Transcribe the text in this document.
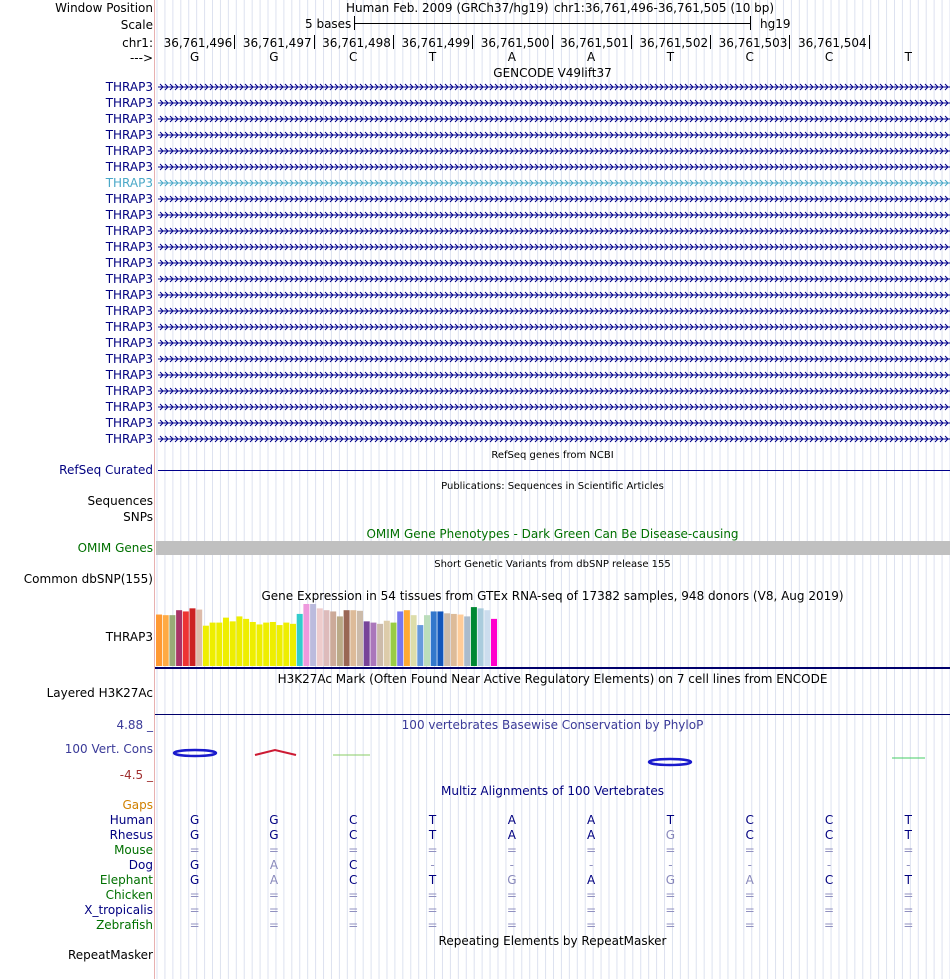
Window Position	Human Feb. 2009 (GRCh37/hg19) chr1:36,761,496-36,761,505 (10 bp)
Scale	5 bases	hg19
chr1: 36,761,496 36,761,497 36,761,498 36,761,499 36,761,500 36,761,501 36,761,502 36,761,503 36,761,504
--->	G	G	C	T	A	A	T	C	C	T
GENCODE V49lift37
THRAP3
THRAP3
THRAP3
THRAP3
THRAP3
THRAP3
THRAP3
THRAP3
THRAP3
THRAP3
THRAP3
THRAP3
THRAP3
THRAP3
THRAP3
THRAP3
THRAP3
THRAP3
THRAP3
THRAP3
THRAP3
THRAP3
THRAP3
RefSeq genes from NCBI
RefSeq Curated
Publications: Sequences in Scientific Articles
Sequences
SNPs
OMIM Gene Phenotypes - Dark Green Can Be Disease-causing
OMIM Genes
Short Genetic Variants from dbSNP release 155
Common dbSNP(155)
Gene Expression in 54 tissues from GTEx RNA-seq of 17382 samples, 948 donors (V8, Aug 2019)
THRAP3
H3K27Ac Mark (Often Found Near Active Regulatory Elements) on 7 cell lines from ENCODE
Layered H3K27Ac
100 vertebrates Basewise Conservation by PhyloP
4.88 _
100 Vert. Cons
-4.5 _
Multiz Alignments of 100 Vertebrates
Gaps
Human	G	G	C	T	A	A	T	C	C	T
Rhesus	G	G	C	T	A	A	G	C	C	T
Mouse	=	=	=	=	=	=	=	=	=	=
Dog	G	A	C	-	-	-	-	-	-	-
Elephant	G	A	C	T	G	A	G	A	C	T
Chicken	=	=	=	=	=	=	=	=	=	=
X_tropicalis	=	=	=	=	=	=	=	=	=	=
Zebrafish	=	=	=	=	=	=	=	=	=	=
Repeating Elements by RepeatMasker
RepeatMasker
